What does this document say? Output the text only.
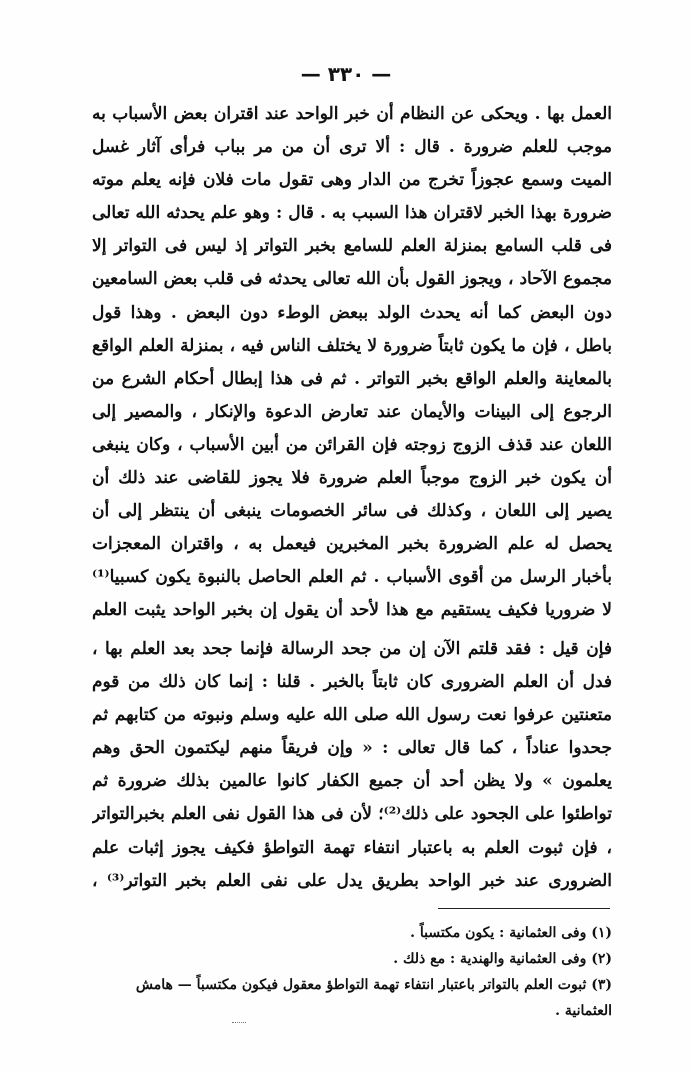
— ٣٣٠ —

العمل بها . ويحكى عن النظام أن خبر الواحد عند اقتران بعض الأسباب به موجب للعلم ضرورة . قال : ألا ترى أن من مر بباب فرأى آثار غسل الميت وسمع عجوزاً تخرج من الدار وهى تقول مات فلان فإنه يعلم موته ضرورة بهذا الخبر لاقتران هذا السبب به . قال : وهو علم يحدثه الله تعالى فى قلب السامع بمنزلة العلم للسامع بخبر التواتر إذ ليس فى التواتر إلا مجموع الآحاد ، ويجوز القول بأن الله تعالى يحدثه فى قلب بعض السامعين دون البعض كما أنه يحدث الولد ببعض الوطء دون البعض . وهذا قول باطل ، فإن ما يكون ثابتاً ضرورة لا يختلف الناس فيه ، بمنزلة العلم الواقع بالمعاينة والعلم الواقع بخبر التواتر . ثم فى هذا إبطال أحكام الشرع من الرجوع إلى البينات والأيمان عند تعارض الدعوة والإنكار ، والمصير إلى اللعان عند قذف الزوج زوجته فإن القرائن من أبين الأسباب ، وكان ينبغى أن يكون خبر الزوج موجباً العلم ضرورة فلا يجوز للقاضى عند ذلك أن يصير إلى اللعان ، وكذلك فى سائر الخصومات ينبغى أن ينتظر إلى أن يحصل له علم الضرورة بخبر المخبرين فيعمل به ، واقتران المعجزات بأخبار الرسل من أقوى الأسباب . ثم العلم الحاصل بالنبوة يكون كسبيا⁽¹⁾ لا ضروريا فكيف يستقيم مع هذا لأحد أن يقول إن بخبر الواحد يثبت العلم

فإن قيل : فقد قلتم الآن إن من جحد الرسالة فإنما جحد بعد العلم بها ، فدل أن العلم الضرورى كان ثابتاً بالخبر . قلنا : إنما كان ذلك من قوم متعنتين عرفوا نعت رسول الله صلى الله عليه وسلم ونبوته من كتابهم ثم جحدوا عناداً ، كما قال تعالى : « وإن فريقاً منهم ليكتمون الحق وهم يعلمون » ولا يظن أحد أن جميع الكفار كانوا عالمين بذلك ضرورة ثم تواطئوا على الجحود على ذلك⁽²⁾؛ لأن فى هذا القول نفى العلم بخبرالتواتر ، فإن ثبوت العلم به باعتبار انتفاء تهمة التواطؤ فكيف يجوز إثبات علم الضرورى عند خبر الواحد بطريق يدل على نفى العلم بخبر التواتر⁽³⁾ ،

(١) وفى العثمانية : يكون مكتسباً .
(٢) وفى العثمانية والهندية : مع ذلك .
(٣) ثبوت العلم بالتواتر باعتبار انتفاء تهمة التواطؤ معقول فيكون مكتسباً — هامش العثمانية .
